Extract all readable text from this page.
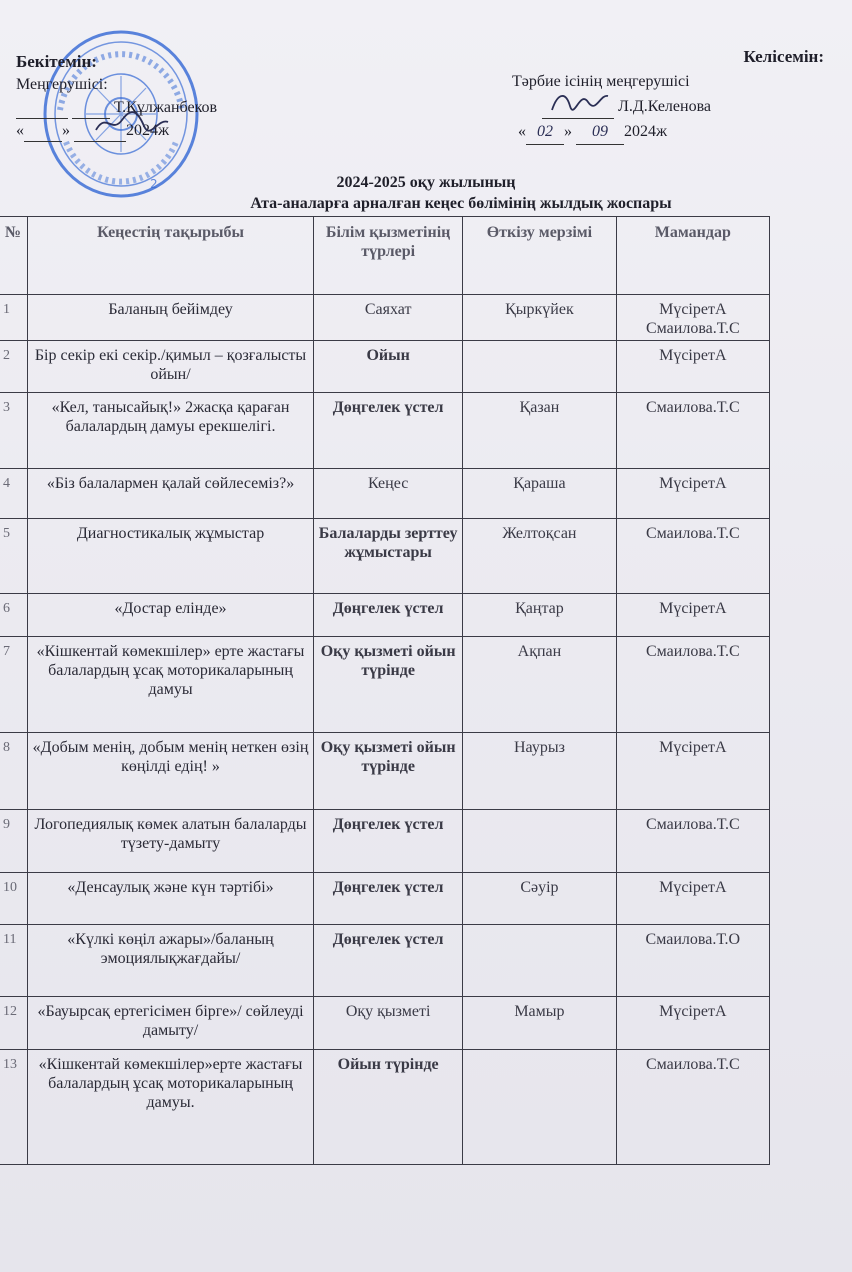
2
Бекітемін:
Меңгерушісі:
Т.Құлжанбеков
« »	2024ж
Келісемін:
Тәрбие ісінің меңгерушісі
Л.Д.Келенова
« 02 » 09 2024ж
2024-2025 оқу жылының
Ата-аналарға арналған кеңес бөлімінің жылдық жоспары
№	Кеңестің тақырыбы	Білім қызметінің түрлері	Өткізу мерзімі	Мамандар
1	Баланың бейімдеу	Саяхат	Қыркүйек	МүсіретА Смаилова.Т.С
2	Бір секір екі секір./қимыл – қозғалысты ойын/	Ойын		МүсіретА
3	«Кел, танысайық!» 2жасқа қараған балалардың дамуы ерекшелігі.	Дөңгелек үстел	Қазан	Смаилова.Т.С
4	«Біз балалармен қалай сөйлесеміз?»	Кеңес	Қараша	МүсіретА
5	Диагностикалық жұмыстар	Балаларды зерттеу жұмыстары	Желтоқсан	Смаилова.Т.С
6	«Достар елінде»	Дөңгелек үстел	Қаңтар	МүсіретА
7	«Кішкентай көмекшілер» ерте жастағы балалардың ұсақ моторикаларының дамуы	Оқу қызметі ойын түрінде	Ақпан	Смаилова.Т.С
8	«Добым менің, добым менің неткен өзің көңілді едің! »	Оқу қызметі ойын түрінде	Наурыз	МүсіретА
9	Логопедиялық көмек алатын балаларды түзету-дамыту	Дөңгелек үстел		Смаилова.Т.С
10	«Денсаулық және күн тәртібі»	Дөңгелек үстел	Сәуір	МүсіретА
11	«Күлкі көңіл ажары»/баланың эмоциялықжағдайы/	Дөңгелек үстел		Смаилова.Т.О
12	«Бауырсақ ертегісімен бірге»/ сөйлеуді дамыту/	Оқу қызметі	Мамыр	МүсіретА
13	«Кішкентай көмекшілер»ерте жастағы балалардың ұсақ моторикаларының дамуы.	Ойын түрінде		Смаилова.Т.С
